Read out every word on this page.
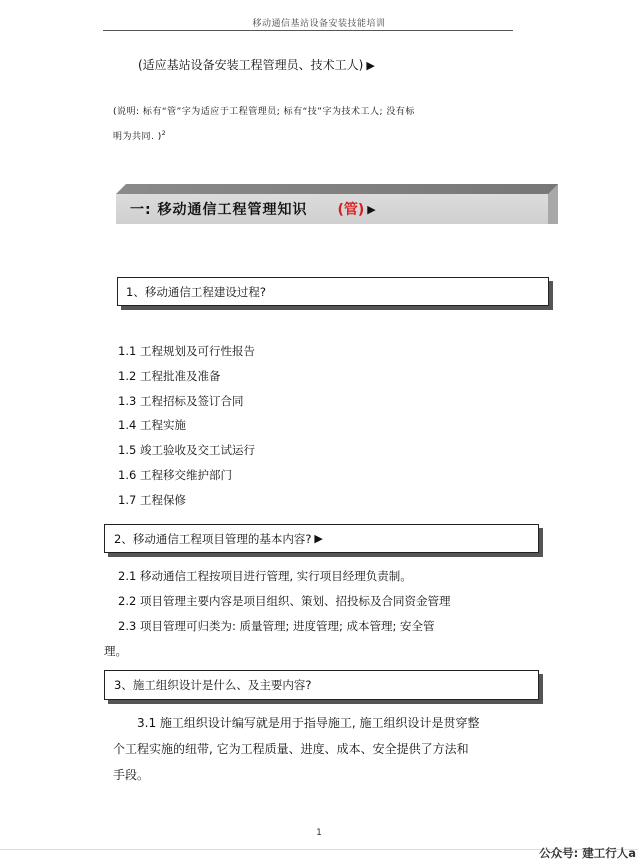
移动通信基站设备安装技能培训
(适应基站设备安装工程管理员、技术工人) ▶
(说明: 标有“管”字为适应于工程管理员; 标有“技”字为技术工人; 没有标
明为共同. )$^2$
一: 移动通信工程管理知识 (管) ▶
1、移动通信工程建设过程?
1.1 工程规划及可行性报告
1.2 工程批准及准备
1.3 工程招标及签订合同
1.4 工程实施
1.5 竣工验收及交工试运行
1.6 工程移交维护部门
1.7 工程保修
2、移动通信工程项目管理的基本内容? ▶
2.1 移动通信工程按项目进行管理, 实行项目经理负责制。
2.2 项目管理主要内容是项目组织、策划、招投标及合同资金管理
2.3 项目管理可归类为: 质量管理; 进度管理; 成本管理; 安全管
理。
3、施工组织设计是什么、及主要内容?
3.1 施工组织设计编写就是用于指导施工, 施工组织设计是贯穿整
个工程实施的纽带, 它为工程质量、进度、成本、安全提供了方法和
手段。
1
公众号: 建工行人a
